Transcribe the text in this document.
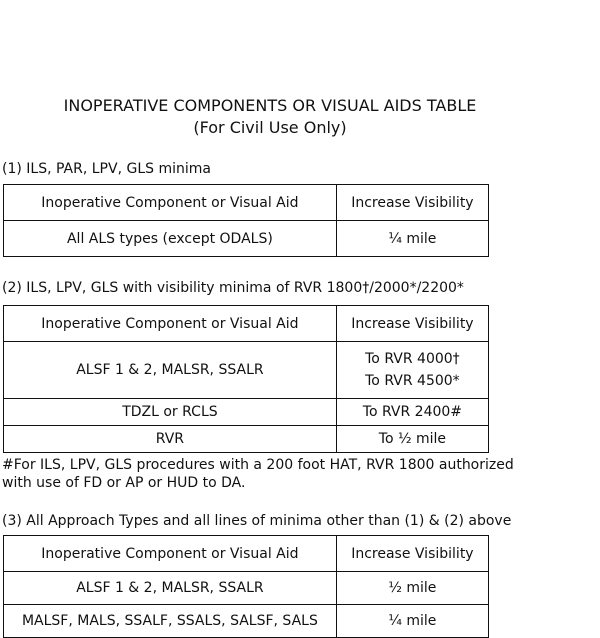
INOPERATIVE COMPONENTS OR VISUAL AIDS TABLE
(For Civil Use Only)
(1) ILS, PAR, LPV, GLS minima
Inoperative Component or Visual Aid	Increase Visibility
All ALS types (except ODALS)	¼ mile
(2) ILS, LPV, GLS with visibility minima of RVR 1800†/2000*/2200*
Inoperative Component or Visual Aid	Increase Visibility
ALSF 1 & 2, MALSR, SSALR	To RVR 4000†
To RVR 4500*

TDZL or RCLS	To RVR 2400#
RVR	To ½ mile
#For ILS, LPV, GLS procedures with a 200 foot HAT, RVR 1800 authorized
with use of FD or AP or HUD to DA.
(3) All Approach Types and all lines of minima other than (1) & (2) above
Inoperative Component or Visual Aid	Increase Visibility
ALSF 1 & 2, MALSR, SSALR	½ mile
MALSF, MALS, SSALF, SSALS, SALSF, SALS	¼ mile
